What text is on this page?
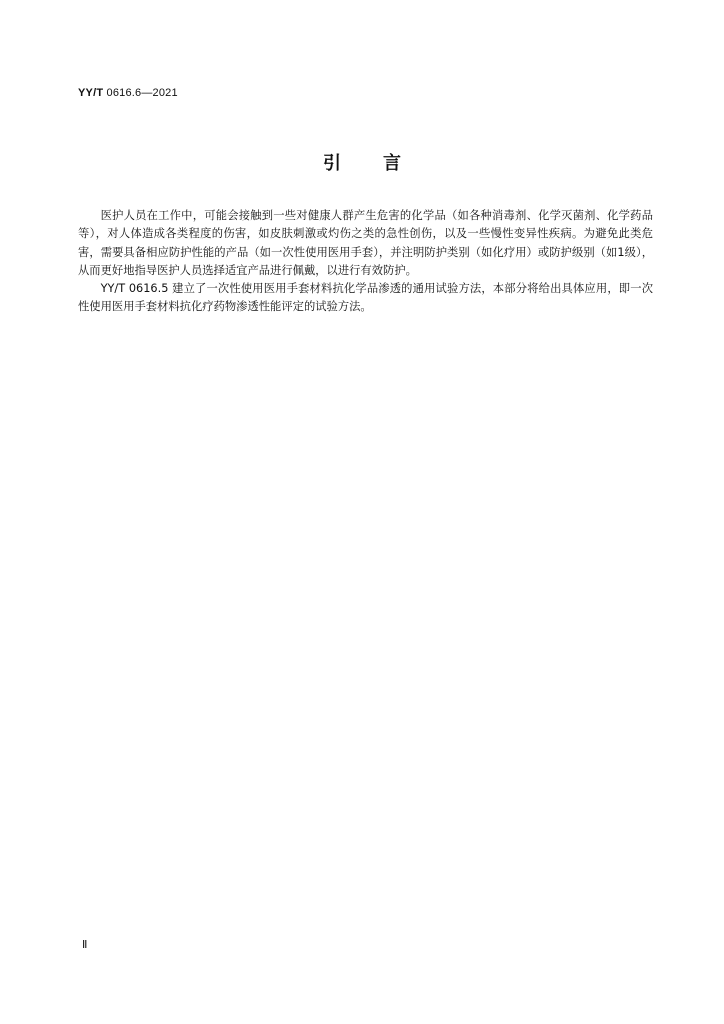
YY/T 0616.6—2021
引言

医护人员在工作中，可能会接触到一些对健康人群产生危害的化学品（如各种消毒剂、化学灭菌剂、化学药品等），对人体造成各类程度的伤害，如皮肤刺激或灼伤之类的急性创伤，以及一些慢性变异性疾病。为避免此类危害，需要具备相应防护性能的产品（如一次性使用医用手套），并注明防护类别（如化疗用）或防护级别（如1级），从而更好地指导医护人员选择适宜产品进行佩戴，以进行有效防护。

YY/T 0616.5 建立了一次性使用医用手套材料抗化学品渗透的通用试验方法，本部分将给出具体应用，即一次性使用医用手套材料抗化疗药物渗透性能评定的试验方法。

Ⅱ
